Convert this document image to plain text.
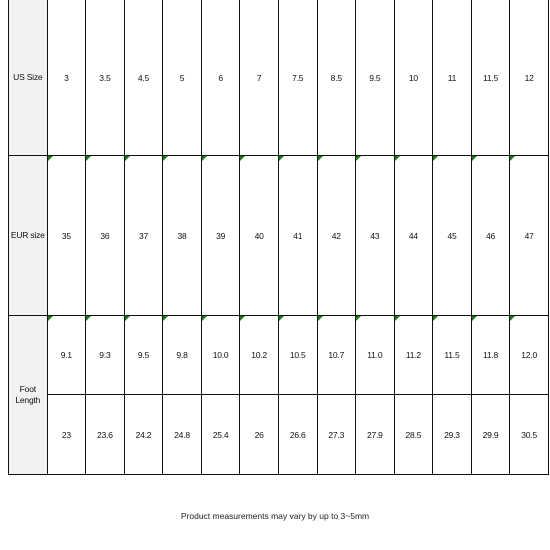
US Size	3	3.5	4.5	5	6	7	7.5	8.5	9.5	10	11	11.5	12
EUR size	35	36	37	38	39	40	41	42	43	44	45	46	47
Foot Length	9.1	9.3	9.5	9.8	10.0	10.2	10.5	10.7	11.0	11.2	11.5	11.8	12.0
	23	23.6	24.2	24.8	25.4	26	26.6	27.3	27.9	28.5	29.3	29.9	30.5
Product measurements may vary by up to 3~5mm
